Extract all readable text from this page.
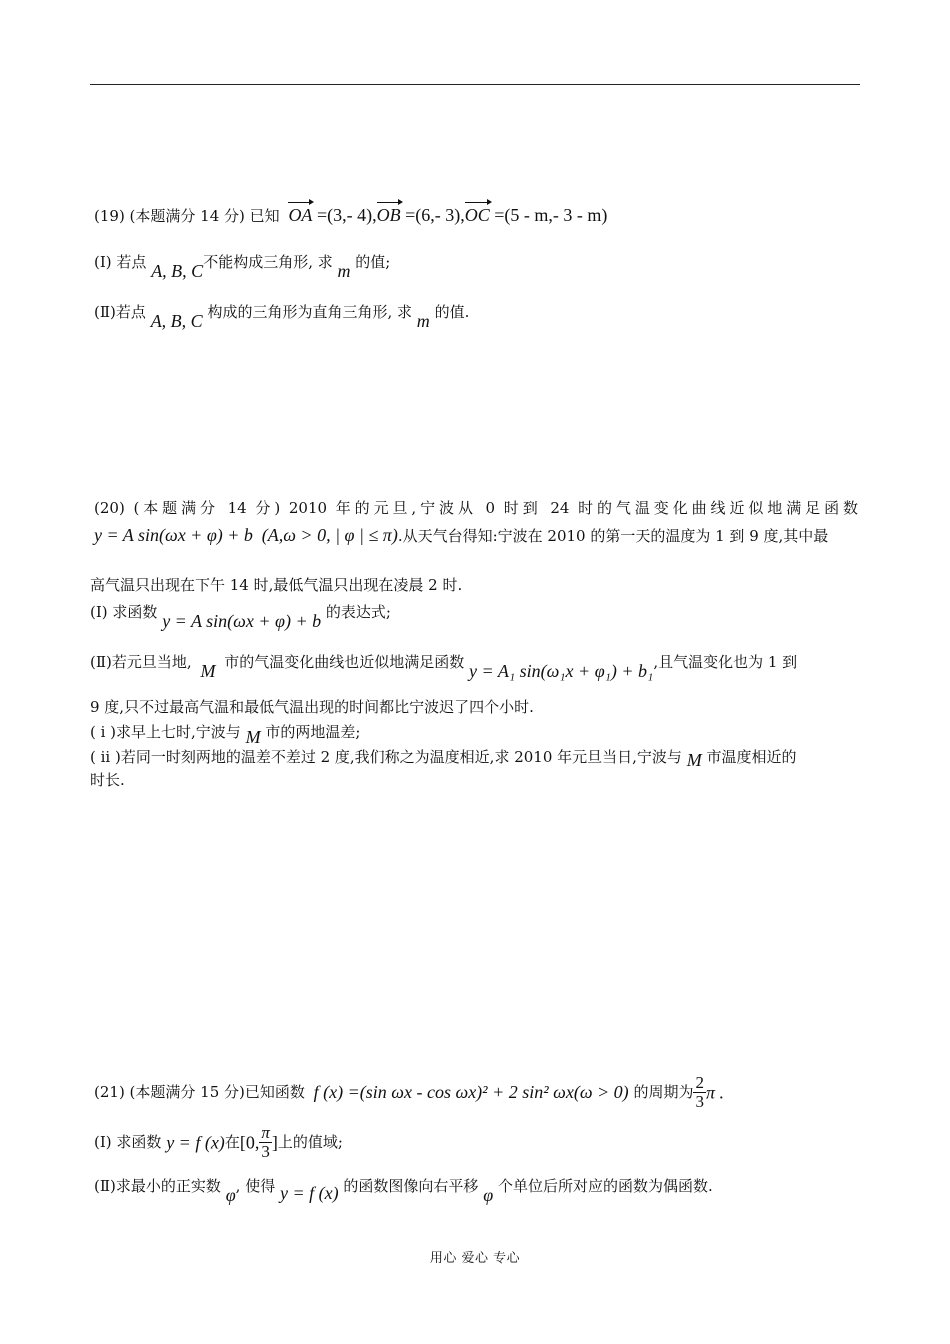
(19) (本题满分 14 分) 已知 OA =(3,- 4),OB =(6,- 3),OC =(5 - m,- 3 - m)
(Ⅰ) 若点 A, B, C不能构成三角形, 求 m 的值;
(Ⅱ)若点 A, B, C 构成的三角形为直角三角形, 求 m 的值.
(20) (本题满分 14 分) 2010 年的元旦,宁波从 0 时到 24 时的气温变化曲线近似地满足函数
y = A sin(ωx + φ) + b (A,ω > 0, | φ | ≤ π).从天气台得知:宁波在 2010 的第一天的温度为 1 到 9 度,其中最
高气温只出现在下午 14 时,最低气温只出现在凌晨 2 时.
(Ⅰ) 求函数 y = A sin(ωx + φ) + b 的表达式;
(Ⅱ)若元旦当地, M 市的气温变化曲线也近似地满足函数 y = A₁ sin(ω₁x + φ₁) + b₁,且气温变化也为 1 到
9 度,只不过最高气温和最低气温出现的时间都比宁波迟了四个小时.
( i )求早上七时,宁波与 M 市的两地温差;
( ii )若同一时刻两地的温差不差过 2 度,我们称之为温度相近,求 2010 年元旦当日,宁波与 M 市温度相近的
时长.
(21) (本题满分 15 分)已知函数 f (x) =(sin ωx - cos ωx)² + 2 sin² ωx(ω > 0) 的周期为 $\frac{2}{3}$ π .
(Ⅰ) 求函数 y = f (x)在[0, $\frac{\pi}{3}$ ]上的值域;
(Ⅱ)求最小的正实数 φ, 使得 y = f (x) 的函数图像向右平移 φ 个单位后所对应的函数为偶函数.
用心 爱心 专心
